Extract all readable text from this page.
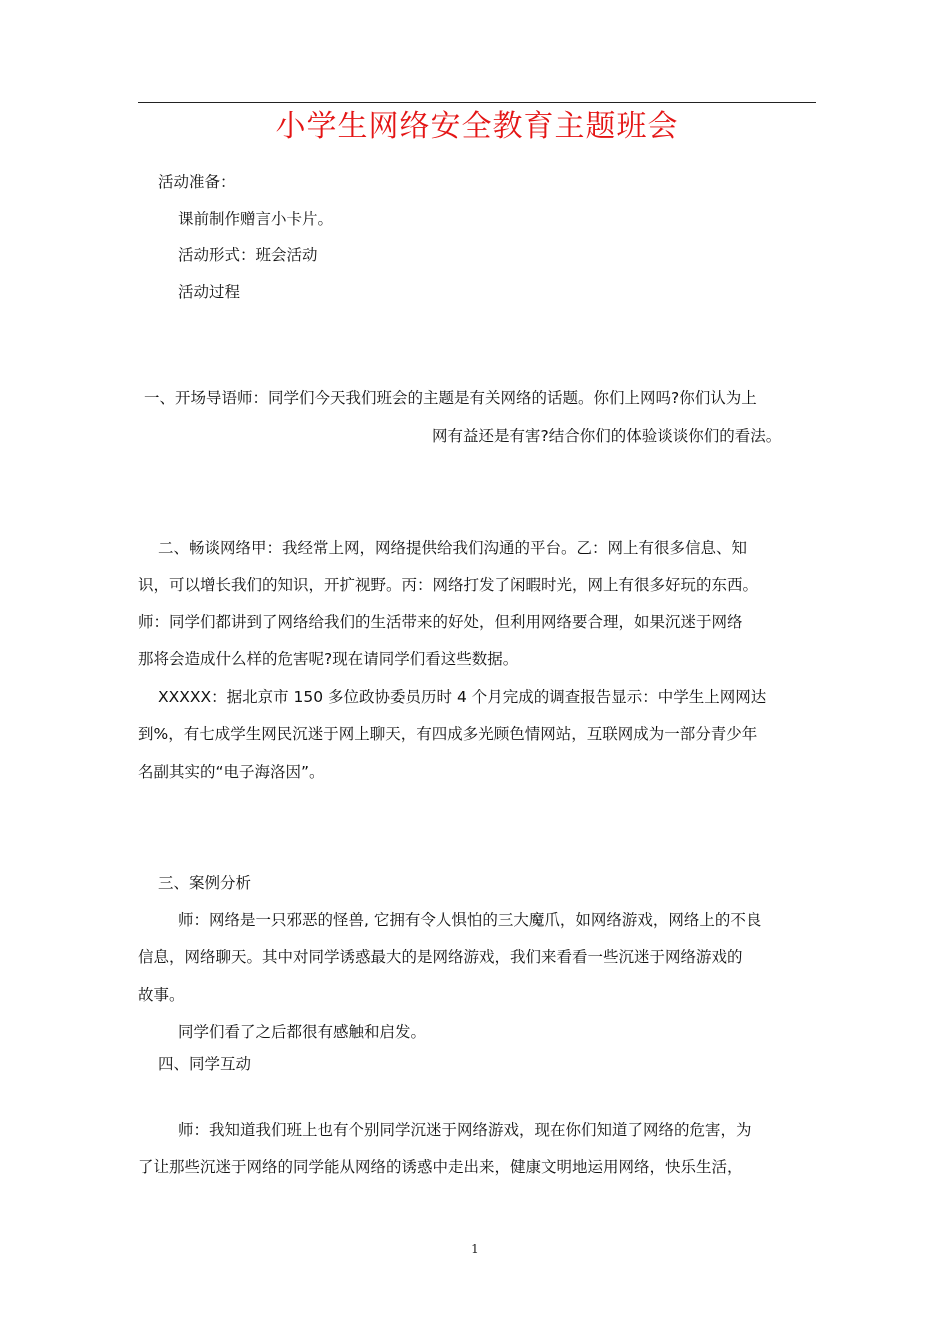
小学生网络安全教育主题班会
活动准备：
课前制作赠言小卡片。
活动形式：班会活动
活动过程
一、开场导语师：同学们今天我们班会的主题是有关网络的话题。你们上网吗?你们认为上
网有益还是有害?结合你们的体验谈谈你们的看法。
二、畅谈网络甲：我经常上网，网络提供给我们沟通的平台。乙：网上有很多信息、知
识，可以增长我们的知识，开扩视野。丙：网络打发了闲暇时光，网上有很多好玩的东西。
师：同学们都讲到了网络给我们的生活带来的好处，但利用网络要合理，如果沉迷于网络
那将会造成什么样的危害呢?现在请同学们看这些数据。
XXXXX：据北京市 150 多位政协委员历时 4 个月完成的调查报告显示：中学生上网网达
到%，有七成学生网民沉迷于网上聊天，有四成多光顾色情网站，互联网成为一部分青少年
名副其实的“电子海洛因”。
三、案例分析
师：网络是一只邪恶的怪兽, 它拥有令人惧怕的三大魔爪，如网络游戏，网络上的不良
信息，网络聊天。其中对同学诱惑最大的是网络游戏，我们来看看一些沉迷于网络游戏的
故事。
同学们看了之后都很有感触和启发。
四、同学互动
师：我知道我们班上也有个别同学沉迷于网络游戏，现在你们知道了网络的危害，为
了让那些沉迷于网络的同学能从网络的诱惑中走出来，健康文明地运用网络，快乐生活，
1
